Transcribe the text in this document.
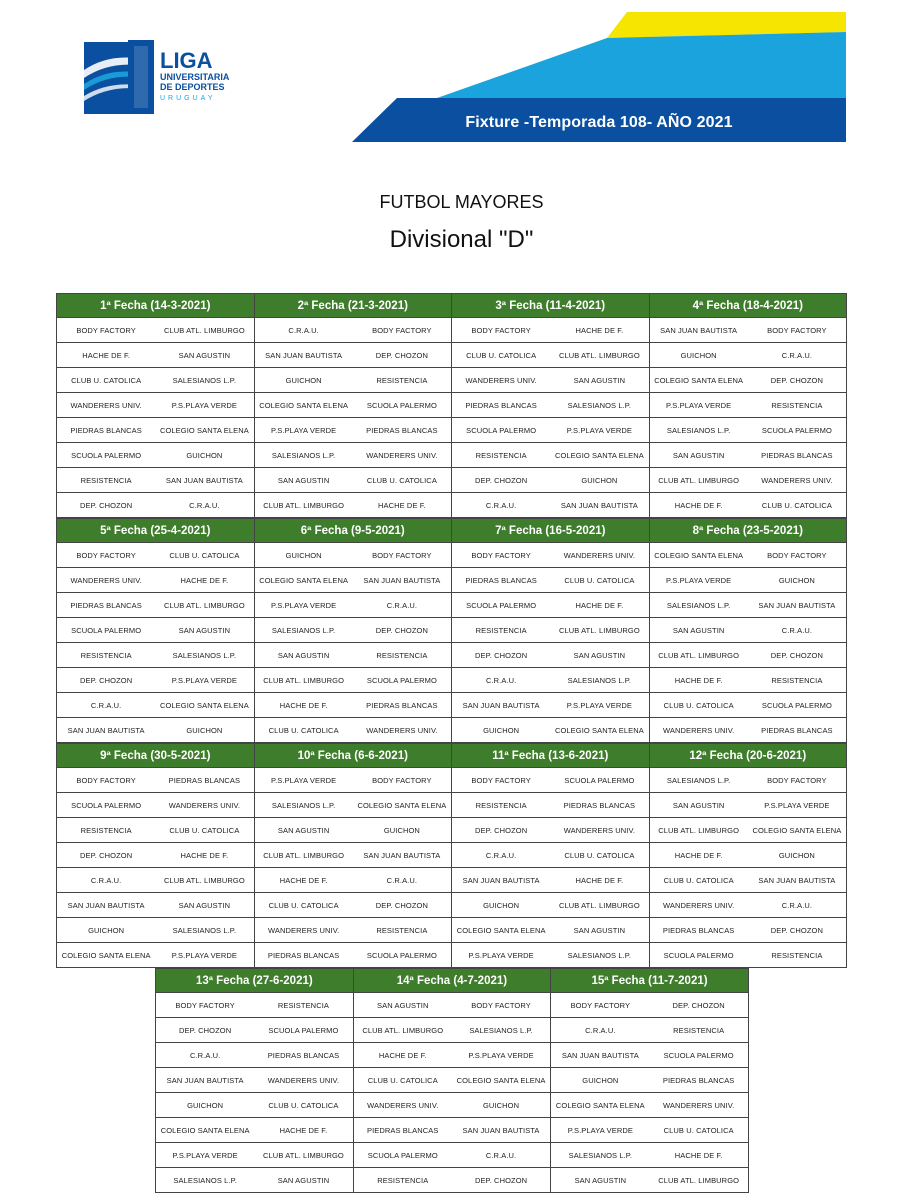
LIGA
UNIVERSITARIA
DE DEPORTES
URUGUAY
Fixture -Temporada 108- AÑO 2021
FUTBOL MAYORES
Divisional "D"
1ª Fecha (14-3-2021)		2ª Fecha (21-3-2021)		3ª Fecha (11-4-2021)		4ª Fecha (18-4-2021)	
BODY FACTORY	CLUB ATL. LIMBURGO	C.R.A.U.	BODY FACTORY	BODY FACTORY	HACHE DE F.	SAN JUAN BAUTISTA	BODY FACTORY
HACHE DE F.	SAN AGUSTIN	SAN JUAN BAUTISTA	DEP. CHOZON	CLUB U. CATOLICA	CLUB ATL. LIMBURGO	GUICHON	C.R.A.U.
CLUB U. CATOLICA	SALESIANOS L.P.	GUICHON	RESISTENCIA	WANDERERS UNIV.	SAN AGUSTIN	COLEGIO SANTA ELENA	DEP. CHOZON
WANDERERS UNIV.	P.S.PLAYA VERDE	COLEGIO SANTA ELENA	SCUOLA PALERMO	PIEDRAS BLANCAS	SALESIANOS L.P.	P.S.PLAYA VERDE	RESISTENCIA
PIEDRAS BLANCAS	COLEGIO SANTA ELENA	P.S.PLAYA VERDE	PIEDRAS BLANCAS	SCUOLA PALERMO	P.S.PLAYA VERDE	SALESIANOS L.P.	SCUOLA PALERMO
SCUOLA PALERMO	GUICHON	SALESIANOS L.P.	WANDERERS UNIV.	RESISTENCIA	COLEGIO SANTA ELENA	SAN AGUSTIN	PIEDRAS BLANCAS
RESISTENCIA	SAN JUAN BAUTISTA	SAN AGUSTIN	CLUB U. CATOLICA	DEP. CHOZON	GUICHON	CLUB ATL. LIMBURGO	WANDERERS UNIV.
DEP. CHOZON	C.R.A.U.	CLUB ATL. LIMBURGO	HACHE DE F.	C.R.A.U.	SAN JUAN BAUTISTA	HACHE DE F.	CLUB U. CATOLICA
5ª Fecha (25-4-2021)		6ª Fecha (9-5-2021)		7ª Fecha (16-5-2021)		8ª Fecha (23-5-2021)	
BODY FACTORY	CLUB U. CATOLICA	GUICHON	BODY FACTORY	BODY FACTORY	WANDERERS UNIV.	COLEGIO SANTA ELENA	BODY FACTORY
WANDERERS UNIV.	HACHE DE F.	COLEGIO SANTA ELENA	SAN JUAN BAUTISTA	PIEDRAS BLANCAS	CLUB U. CATOLICA	P.S.PLAYA VERDE	GUICHON
PIEDRAS BLANCAS	CLUB ATL. LIMBURGO	P.S.PLAYA VERDE	C.R.A.U.	SCUOLA PALERMO	HACHE DE F.	SALESIANOS L.P.	SAN JUAN BAUTISTA
SCUOLA PALERMO	SAN AGUSTIN	SALESIANOS L.P.	DEP. CHOZON	RESISTENCIA	CLUB ATL. LIMBURGO	SAN AGUSTIN	C.R.A.U.
RESISTENCIA	SALESIANOS L.P.	SAN AGUSTIN	RESISTENCIA	DEP. CHOZON	SAN AGUSTIN	CLUB ATL. LIMBURGO	DEP. CHOZON
DEP. CHOZON	P.S.PLAYA VERDE	CLUB ATL. LIMBURGO	SCUOLA PALERMO	C.R.A.U.	SALESIANOS L.P.	HACHE DE F.	RESISTENCIA
C.R.A.U.	COLEGIO SANTA ELENA	HACHE DE F.	PIEDRAS BLANCAS	SAN JUAN BAUTISTA	P.S.PLAYA VERDE	CLUB U. CATOLICA	SCUOLA PALERMO
SAN JUAN BAUTISTA	GUICHON	CLUB U. CATOLICA	WANDERERS UNIV.	GUICHON	COLEGIO SANTA ELENA	WANDERERS UNIV.	PIEDRAS BLANCAS
9ª Fecha (30-5-2021)		10ª Fecha (6-6-2021)		11ª Fecha (13-6-2021)		12ª Fecha (20-6-2021)	
BODY FACTORY	PIEDRAS BLANCAS	P.S.PLAYA VERDE	BODY FACTORY	BODY FACTORY	SCUOLA PALERMO	SALESIANOS L.P.	BODY FACTORY
SCUOLA PALERMO	WANDERERS UNIV.	SALESIANOS L.P.	COLEGIO SANTA ELENA	RESISTENCIA	PIEDRAS BLANCAS	SAN AGUSTIN	P.S.PLAYA VERDE
RESISTENCIA	CLUB U. CATOLICA	SAN AGUSTIN	GUICHON	DEP. CHOZON	WANDERERS UNIV.	CLUB ATL. LIMBURGO	COLEGIO SANTA ELENA
DEP. CHOZON	HACHE DE F.	CLUB ATL. LIMBURGO	SAN JUAN BAUTISTA	C.R.A.U.	CLUB U. CATOLICA	HACHE DE F.	GUICHON
C.R.A.U.	CLUB ATL. LIMBURGO	HACHE DE F.	C.R.A.U.	SAN JUAN BAUTISTA	HACHE DE F.	CLUB U. CATOLICA	SAN JUAN BAUTISTA
SAN JUAN BAUTISTA	SAN AGUSTIN	CLUB U. CATOLICA	DEP. CHOZON	GUICHON	CLUB ATL. LIMBURGO	WANDERERS UNIV.	C.R.A.U.
GUICHON	SALESIANOS L.P.	WANDERERS UNIV.	RESISTENCIA	COLEGIO SANTA ELENA	SAN AGUSTIN	PIEDRAS BLANCAS	DEP. CHOZON
COLEGIO SANTA ELENA	P.S.PLAYA VERDE	PIEDRAS BLANCAS	SCUOLA PALERMO	P.S.PLAYA VERDE	SALESIANOS L.P.	SCUOLA PALERMO	RESISTENCIA
13ª Fecha (27-6-2021)		14ª Fecha (4-7-2021)		15ª Fecha (11-7-2021)	
BODY FACTORY	RESISTENCIA	SAN AGUSTIN	BODY FACTORY	BODY FACTORY	DEP. CHOZON
DEP. CHOZON	SCUOLA PALERMO	CLUB ATL. LIMBURGO	SALESIANOS L.P.	C.R.A.U.	RESISTENCIA
C.R.A.U.	PIEDRAS BLANCAS	HACHE DE F.	P.S.PLAYA VERDE	SAN JUAN BAUTISTA	SCUOLA PALERMO
SAN JUAN BAUTISTA	WANDERERS UNIV.	CLUB U. CATOLICA	COLEGIO SANTA ELENA	GUICHON	PIEDRAS BLANCAS
GUICHON	CLUB U. CATOLICA	WANDERERS UNIV.	GUICHON	COLEGIO SANTA ELENA	WANDERERS UNIV.
COLEGIO SANTA ELENA	HACHE DE F.	PIEDRAS BLANCAS	SAN JUAN BAUTISTA	P.S.PLAYA VERDE	CLUB U. CATOLICA
P.S.PLAYA VERDE	CLUB ATL. LIMBURGO	SCUOLA PALERMO	C.R.A.U.	SALESIANOS L.P.	HACHE DE F.
SALESIANOS L.P.	SAN AGUSTIN	RESISTENCIA	DEP. CHOZON	SAN AGUSTIN	CLUB ATL. LIMBURGO
